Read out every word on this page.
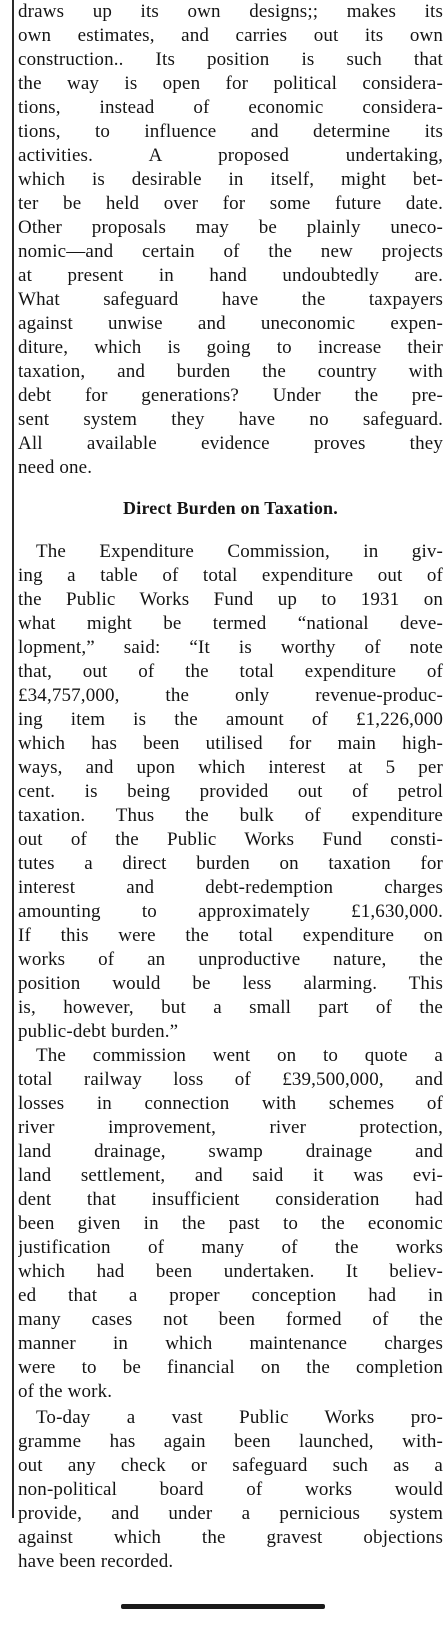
draws up its own designs;; makes its
own estimates, and carries out its own
construction.. Its position is such that
the way is open for political considera-
tions, instead of economic considera-
tions, to influence and determine its
activities. A proposed undertaking,
which is desirable in itself, might bet-
ter be held over for some future date.
Other proposals may be plainly uneco-
nomic—and certain of the new projects
at present in hand undoubtedly are.
What safeguard have the taxpayers
against unwise and uneconomic expen-
diture, which is going to increase their
taxation, and burden the country with
debt for generations? Under the pre-
sent system they have no safeguard.
All available evidence proves they
need one.
Direct Burden on Taxation.
The Expenditure Commission, in giv-
ing a table of total expenditure out of
the Public Works Fund up to 1931 on
what might be termed “national deve-
lopment,” said: “It is worthy of note
that, out of the total expenditure of
£34,757,000, the only revenue-produc-
ing item is the amount of £1,226,000
which has been utilised for main high-
ways, and upon which interest at 5 per
cent. is being provided out of petrol
taxation. Thus the bulk of expenditure
out of the Public Works Fund consti-
tutes a direct burden on taxation for
interest and debt-redemption charges
amounting to approximately £1,630,000.
If this were the total expenditure on
works of an unproductive nature, the
position would be less alarming. This
is, however, but a small part of the
public-debt burden.”
The commission went on to quote a
total railway loss of £39,500,000, and
losses in connection with schemes of
river improvement, river protection,
land drainage, swamp drainage and
land settlement, and said it was evi-
dent that insufficient consideration had
been given in the past to the economic
justification of many of the works
which had been undertaken. It believ-
ed that a proper conception had in
many cases not been formed of the
manner in which maintenance charges
were to be financial on the completion
of the work.
To-day a vast Public Works pro-
gramme has again been launched, with-
out any check or safeguard such as a
non-political board of works would
provide, and under a pernicious system
against which the gravest objections
have been recorded.
